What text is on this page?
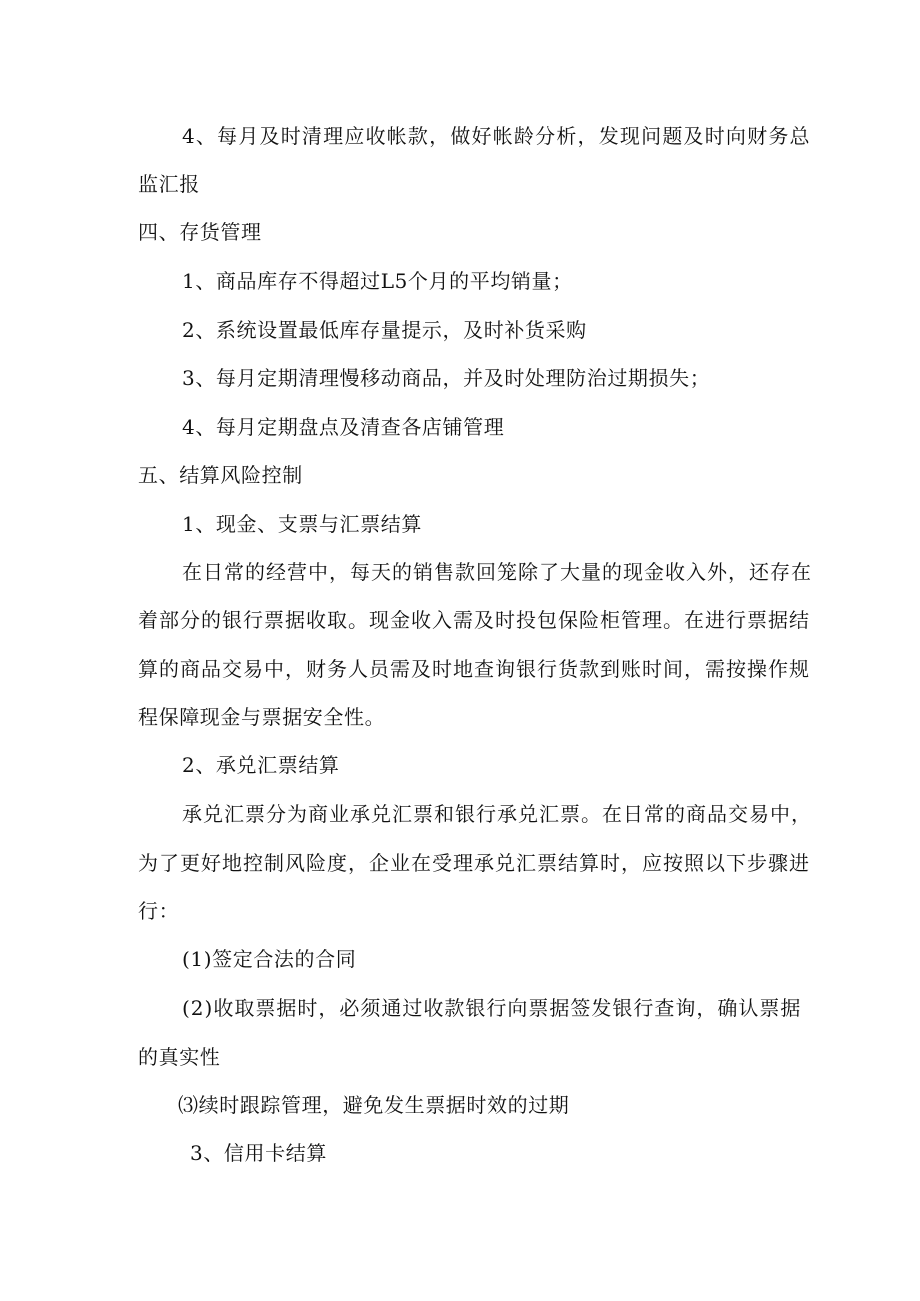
4、每月及时清理应收帐款，做好帐龄分析，发现问题及时向财务总
监汇报
四、存货管理
1、商品库存不得超过L5个月的平均销量；
2、系统设置最低库存量提示，及时补货采购
3、每月定期清理慢移动商品，并及时处理防治过期损失；
4、每月定期盘点及清查各店铺管理
五、结算风险控制
1、现金、支票与汇票结算
在日常的经营中，每天的销售款回笼除了大量的现金收入外，还存在
着部分的银行票据收取。现金收入需及时投包保险柜管理。在进行票据结
算的商品交易中，财务人员需及时地查询银行货款到账时间，需按操作规
程保障现金与票据安全性。
2、承兑汇票结算
承兑汇票分为商业承兑汇票和银行承兑汇票。在日常的商品交易中，
为了更好地控制风险度，企业在受理承兑汇票结算时，应按照以下步骤进
行：
(1)签定合法的合同
(2)收取票据时，必须通过收款银行向票据签发银行查询，确认票据
的真实性
⑶续时跟踪管理，避免发生票据时效的过期
3、信用卡结算
